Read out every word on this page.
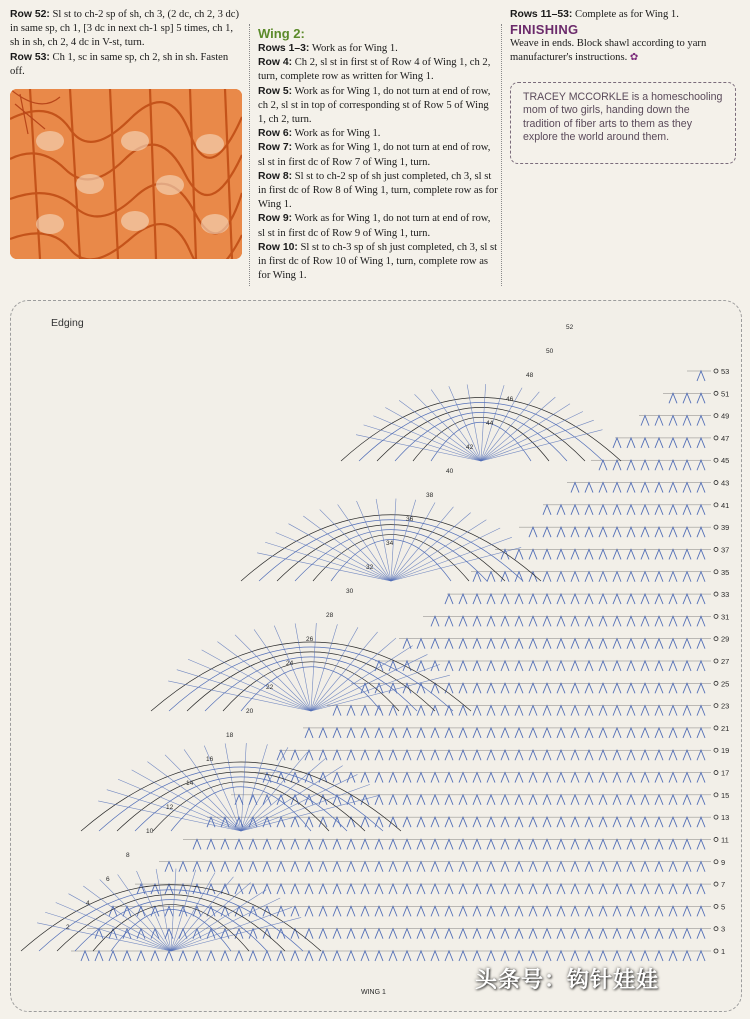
Row 52: Sl st to ch-2 sp of sh, ch 3, (2 dc, ch 2, 3 dc) in same sp, ch 1, [3 dc in next ch-1 sp] 5 times, ch 1, sh in sh, ch 2, 4 dc in V-st, turn.
Row 53: Ch 1, sc in same sp, ch 2, sh in sh. Fasten off.
Wing 2:
Rows 1–3: Work as for Wing 1.
Row 4: Ch 2, sl st in first st of Row 4 of Wing 1, ch 2, turn, complete row as written for Wing 1.
Row 5: Work as for Wing 1, do not turn at end of row, ch 2, sl st in top of corresponding st of Row 5 of Wing 1, ch 2, turn.
Row 6: Work as for Wing 1.
Row 7: Work as for Wing 1, do not turn at end of row, sl st in first dc of Row 7 of Wing 1, turn.
Row 8: Sl st to ch-2 sp of sh just completed, ch 3, sl st in first dc of Row 8 of Wing 1, turn, complete row as for Wing 1.
Row 9: Work as for Wing 1, do not turn at end of row, sl st in first dc of Row 9 of Wing 1, turn.
Row 10: Sl st to ch-3 sp of sh just completed, ch 3, sl st in first dc of Row 10 of Wing 1, turn, complete row as for Wing 1.
Rows 11–53: Complete as for Wing 1.
FINISHING
Weave in ends. Block shawl according to yarn manufacturer's instructions. ✿
TRACEY MCCORKLE is a homeschooling mom of two girls, handing down the tradition of fiber arts to them as they explore the world around them.
Edging
53
51
49
47
45
43
41
39
37
35
33
31
29
27
25
23
21
19
17
15
13
11
9
7
5
3
1
52
50
48
46
44
42
40
38
36
34
32
30
28
26
24
22
20
18
16
14
12
10
8
6
4
2
WING 1	头条号：钩针娃娃
